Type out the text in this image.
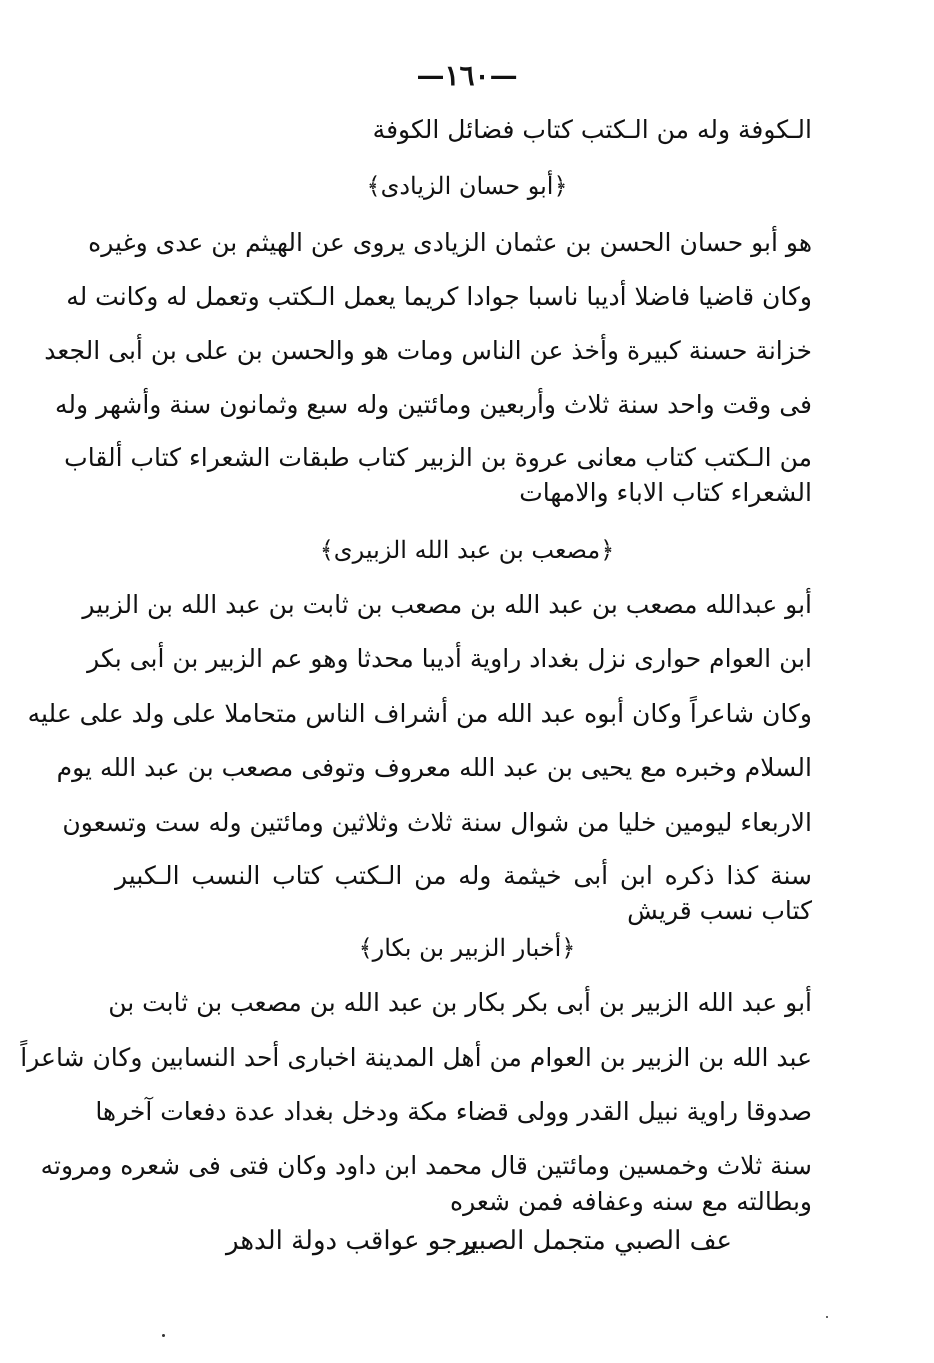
—١٦٠—
الـكوفة وله من الـكتب كتاب فضائل الكوفة
﴿أبو حسان الزيادى﴾
هو أبو حسان الحسن بن عثمان الزيادى يروى عن الهيثم بن عدى وغيره
وكان قاضيا فاضلا أديبا ناسبا جوادا كريما يعمل الـكتب وتعمل له وكانت له
خزانة حسنة كبيرة وأخذ عن الناس ومات هو والحسن بن على بن أبى الجعد
فى وقت واحد سنة ثلاث وأربعين ومائتين وله سبع وثمانون سنة وأشهر وله
من الـكتب كتاب معانى عروة بن الزبير كتاب طبقات الشعراء كتاب ألقاب
الشعراء كتاب الاباء والامهات
﴿مصعب بن عبد الله الزبيرى﴾
أبو عبدالله مصعب بن عبد الله بن مصعب بن ثابت بن عبد الله بن الزبير
ابن العوام حوارى نزل بغداد راوية أديبا محدثا وهو عم الزبير بن أبى بكر
وكان شاعراً وكان أبوه عبد الله من أشراف الناس متحاملا على ولد على عليه
السلام وخبره مع يحيى بن عبد الله معروف وتوفى مصعب بن عبد الله يوم
الاربعاء ليومين خليا من شوال سنة ثلاث وثلاثين ومائتين وله ست وتسعون
سنة كذا ذكره ابن أبى خيثمة وله من الـكتب كتاب النسب الـكبير
كتاب نسب قريش
﴿أخبار الزبير بن بكار﴾
أبو عبد الله الزبير بن أبى بكر بكار بن عبد الله بن مصعب بن ثابت بن
عبد الله بن الزبير بن العوام من أهل المدينة اخبارى أحد النسابين وكان شاعراً
صدوقا راوية نبيل القدر وولى قضاء مكة ودخل بغداد عدة دفعات آخرها
سنة ثلاث وخمسين ومائتين قال محمد ابن داود وكان فتى فى شعره ومروته
وبطالته مع سنه وعفافه فمن شعره
عف الصبي متجمل الصبر
يرجو عواقب دولة الدهر
